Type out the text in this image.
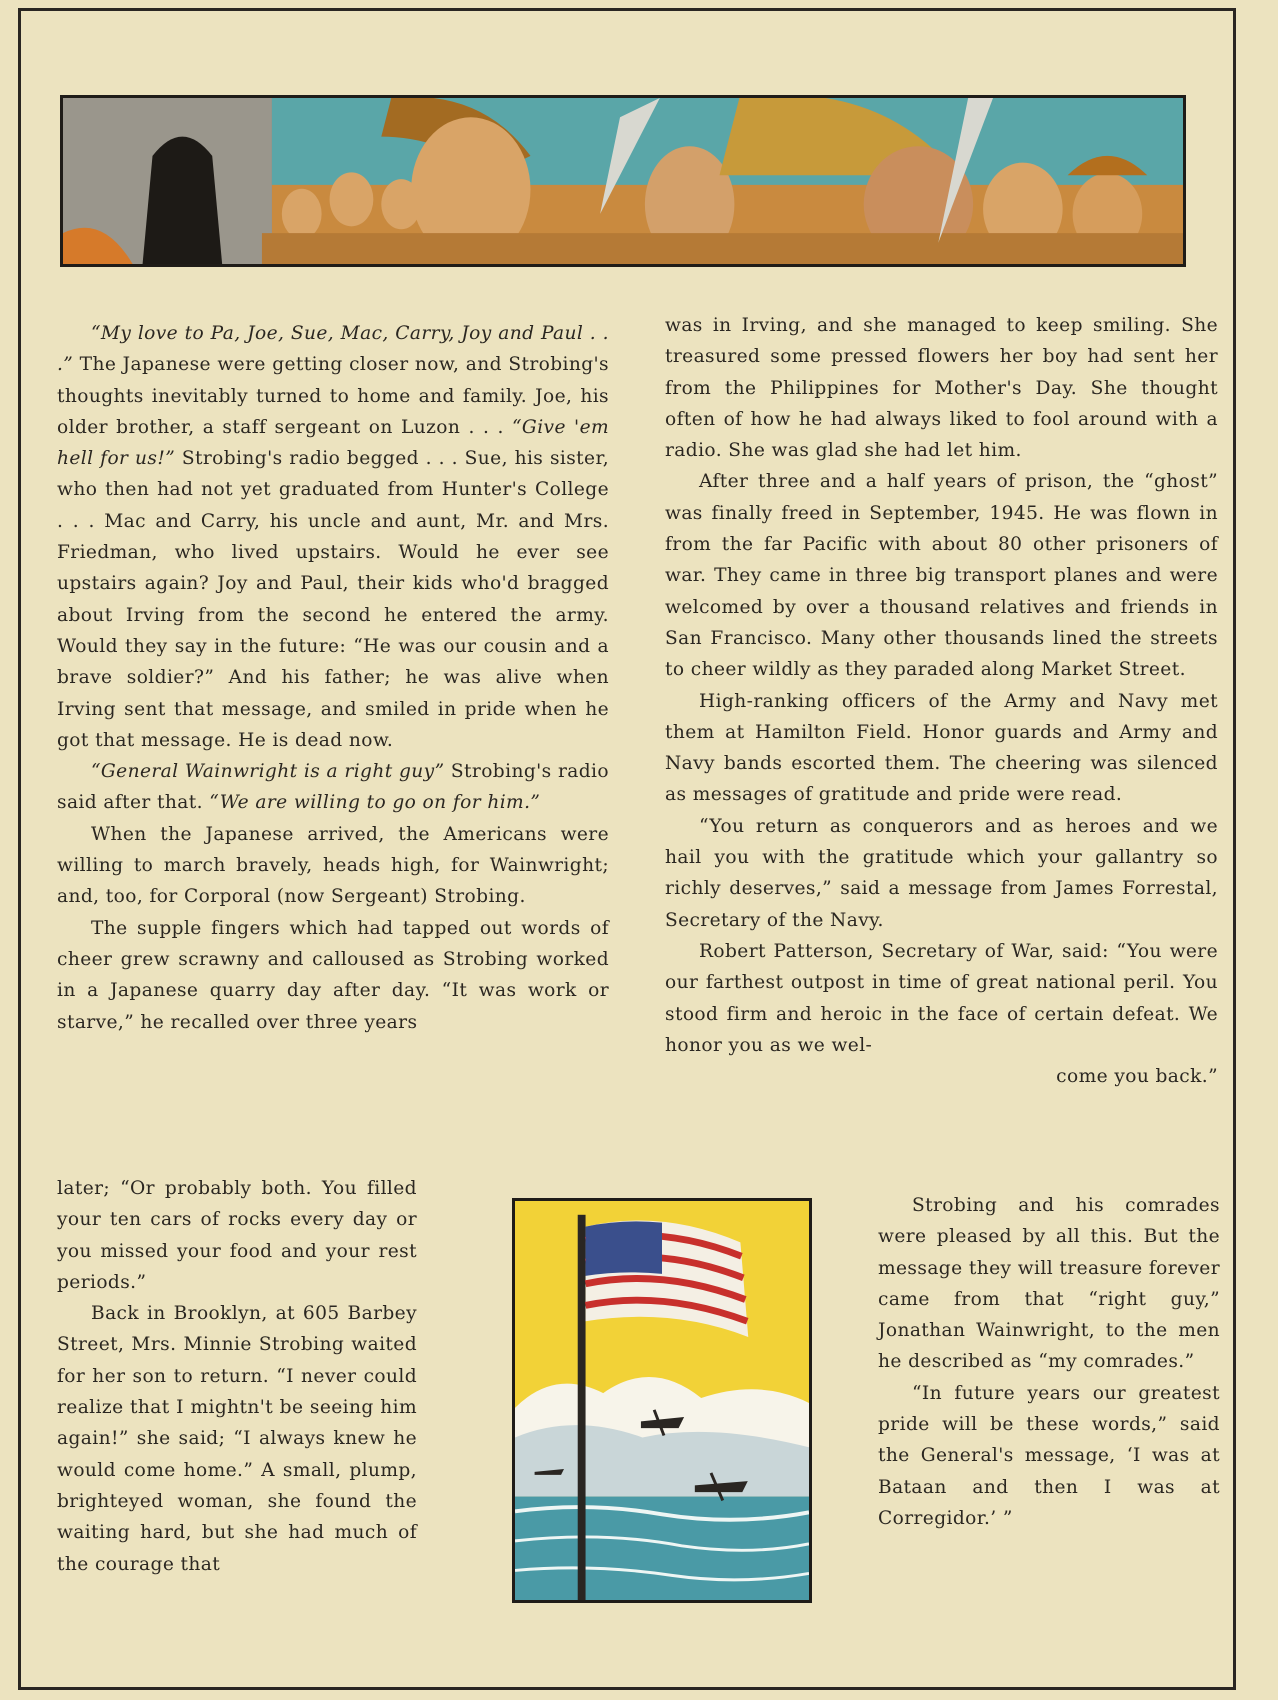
“My love to Pa, Joe, Sue, Mac, Carry, Joy and Paul . . .” The Japanese were getting closer now, and Strobing's thoughts inevitably turned to home and family. Joe, his older brother, a staff sergeant on Luzon . . . “Give 'em hell for us!” Strobing's radio begged . . . Sue, his sister, who then had not yet graduated from Hunter's College . . . Mac and Carry, his uncle and aunt, Mr. and Mrs. Friedman, who lived upstairs. Would he ever see upstairs again? Joy and Paul, their kids who'd bragged about Irving from the second he entered the army. Would they say in the future: “He was our cousin and a brave soldier?” And his father; he was alive when Irving sent that message, and smiled in pride when he got that message. He is dead now.

“General Wainwright is a right guy” Strobing's radio said after that. “We are willing to go on for him.”

When the Japanese arrived, the Americans were willing to march bravely, heads high, for Wainwright; and, too, for Corporal (now Sergeant) Strobing.

The supple fingers which had tapped out words of cheer grew scrawny and calloused as Strobing worked in a Japanese quarry day after day. “It was work or starve,” he recalled over three years

later; “Or probably both. You filled your ten cars of rocks every day or you missed your food and your rest periods.”

Back in Brooklyn, at 605 Barbey Street, Mrs. Minnie Strobing waited for her son to return. “I never could realize that I mightn't be seeing him again!” she said; “I always knew he would come home.” A small, plump, brighteyed woman, she found the waiting hard, but she had much of the courage that

was in Irving, and she managed to keep smiling. She treasured some pressed flowers her boy had sent her from the Philippines for Mother's Day. She thought often of how he had always liked to fool around with a radio. She was glad she had let him.

After three and a half years of prison, the “ghost” was finally freed in September, 1945. He was flown in from the far Pacific with about 80 other prisoners of war. They came in three big transport planes and were welcomed by over a thousand relatives and friends in San Francisco. Many other thousands lined the streets to cheer wildly as they paraded along Market Street.

High-ranking officers of the Army and Navy met them at Hamilton Field. Honor guards and Army and Navy bands escorted them. The cheering was silenced as messages of gratitude and pride were read.

“You return as conquerors and as heroes and we hail you with the gratitude which your gallantry so richly deserves,” said a message from James Forrestal, Secretary of the Navy.

Robert Patterson, Secretary of War, said: “You were our farthest outpost in time of great national peril. You stood firm and heroic in the face of certain defeat. We honor you as we wel-

come you back.”

Strobing and his comrades were pleased by all this. But the message they will treasure forever came from that “right guy,” Jonathan Wainwright, to the men he described as “my comrades.”

“In future years our greatest pride will be these words,” said the General's message, ‘I was at Bataan and then I was at Corregidor.’ ”
